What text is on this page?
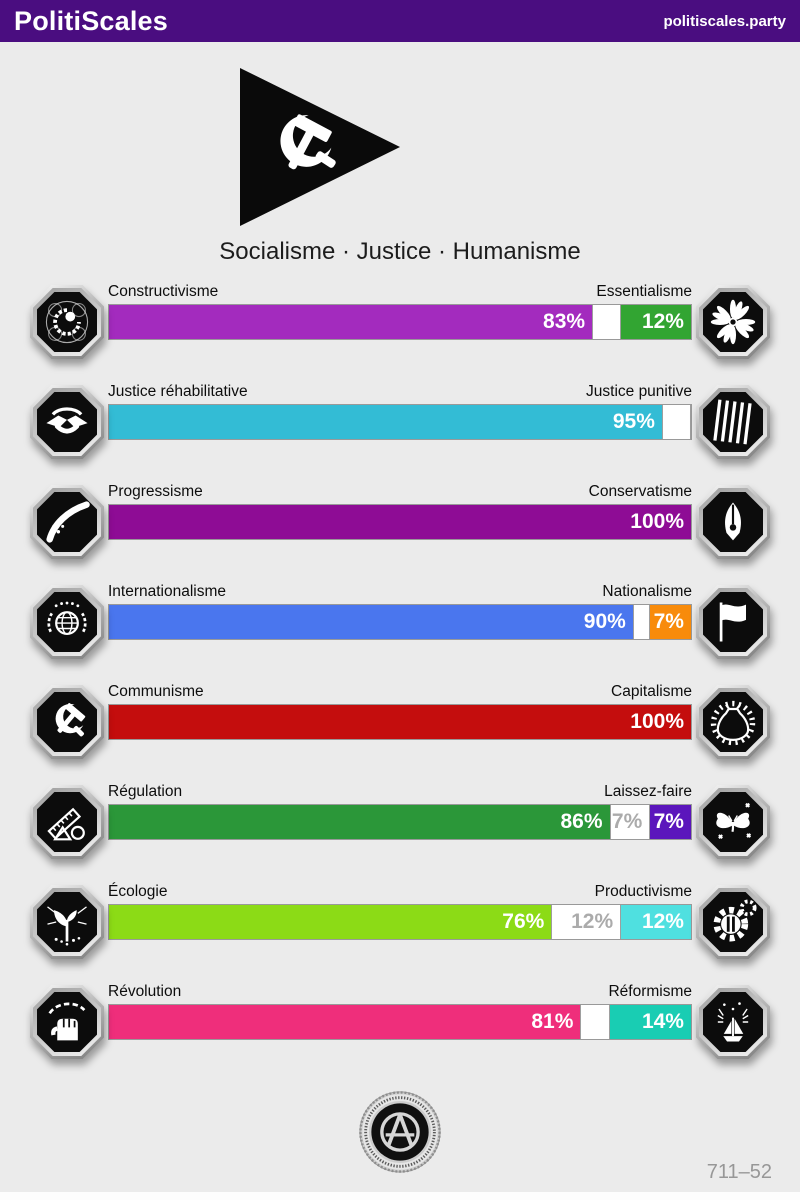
PolitiScales	politiscales.party
Socialisme · Justice · Humanisme
Constructivisme	Essentialisme
83%	12%
Justice réhabilitative	Justice punitive
95%
Progressisme	Conservatisme
100%
Internationalisme	Nationalisme
90% 7%
Communisme	Capitalisme
100%
Régulation	Laissez-faire
86% 7% 7%
Écologie	Productivisme
76% 12% 12%
Révolution	Réformisme
81%	14%
711–52
